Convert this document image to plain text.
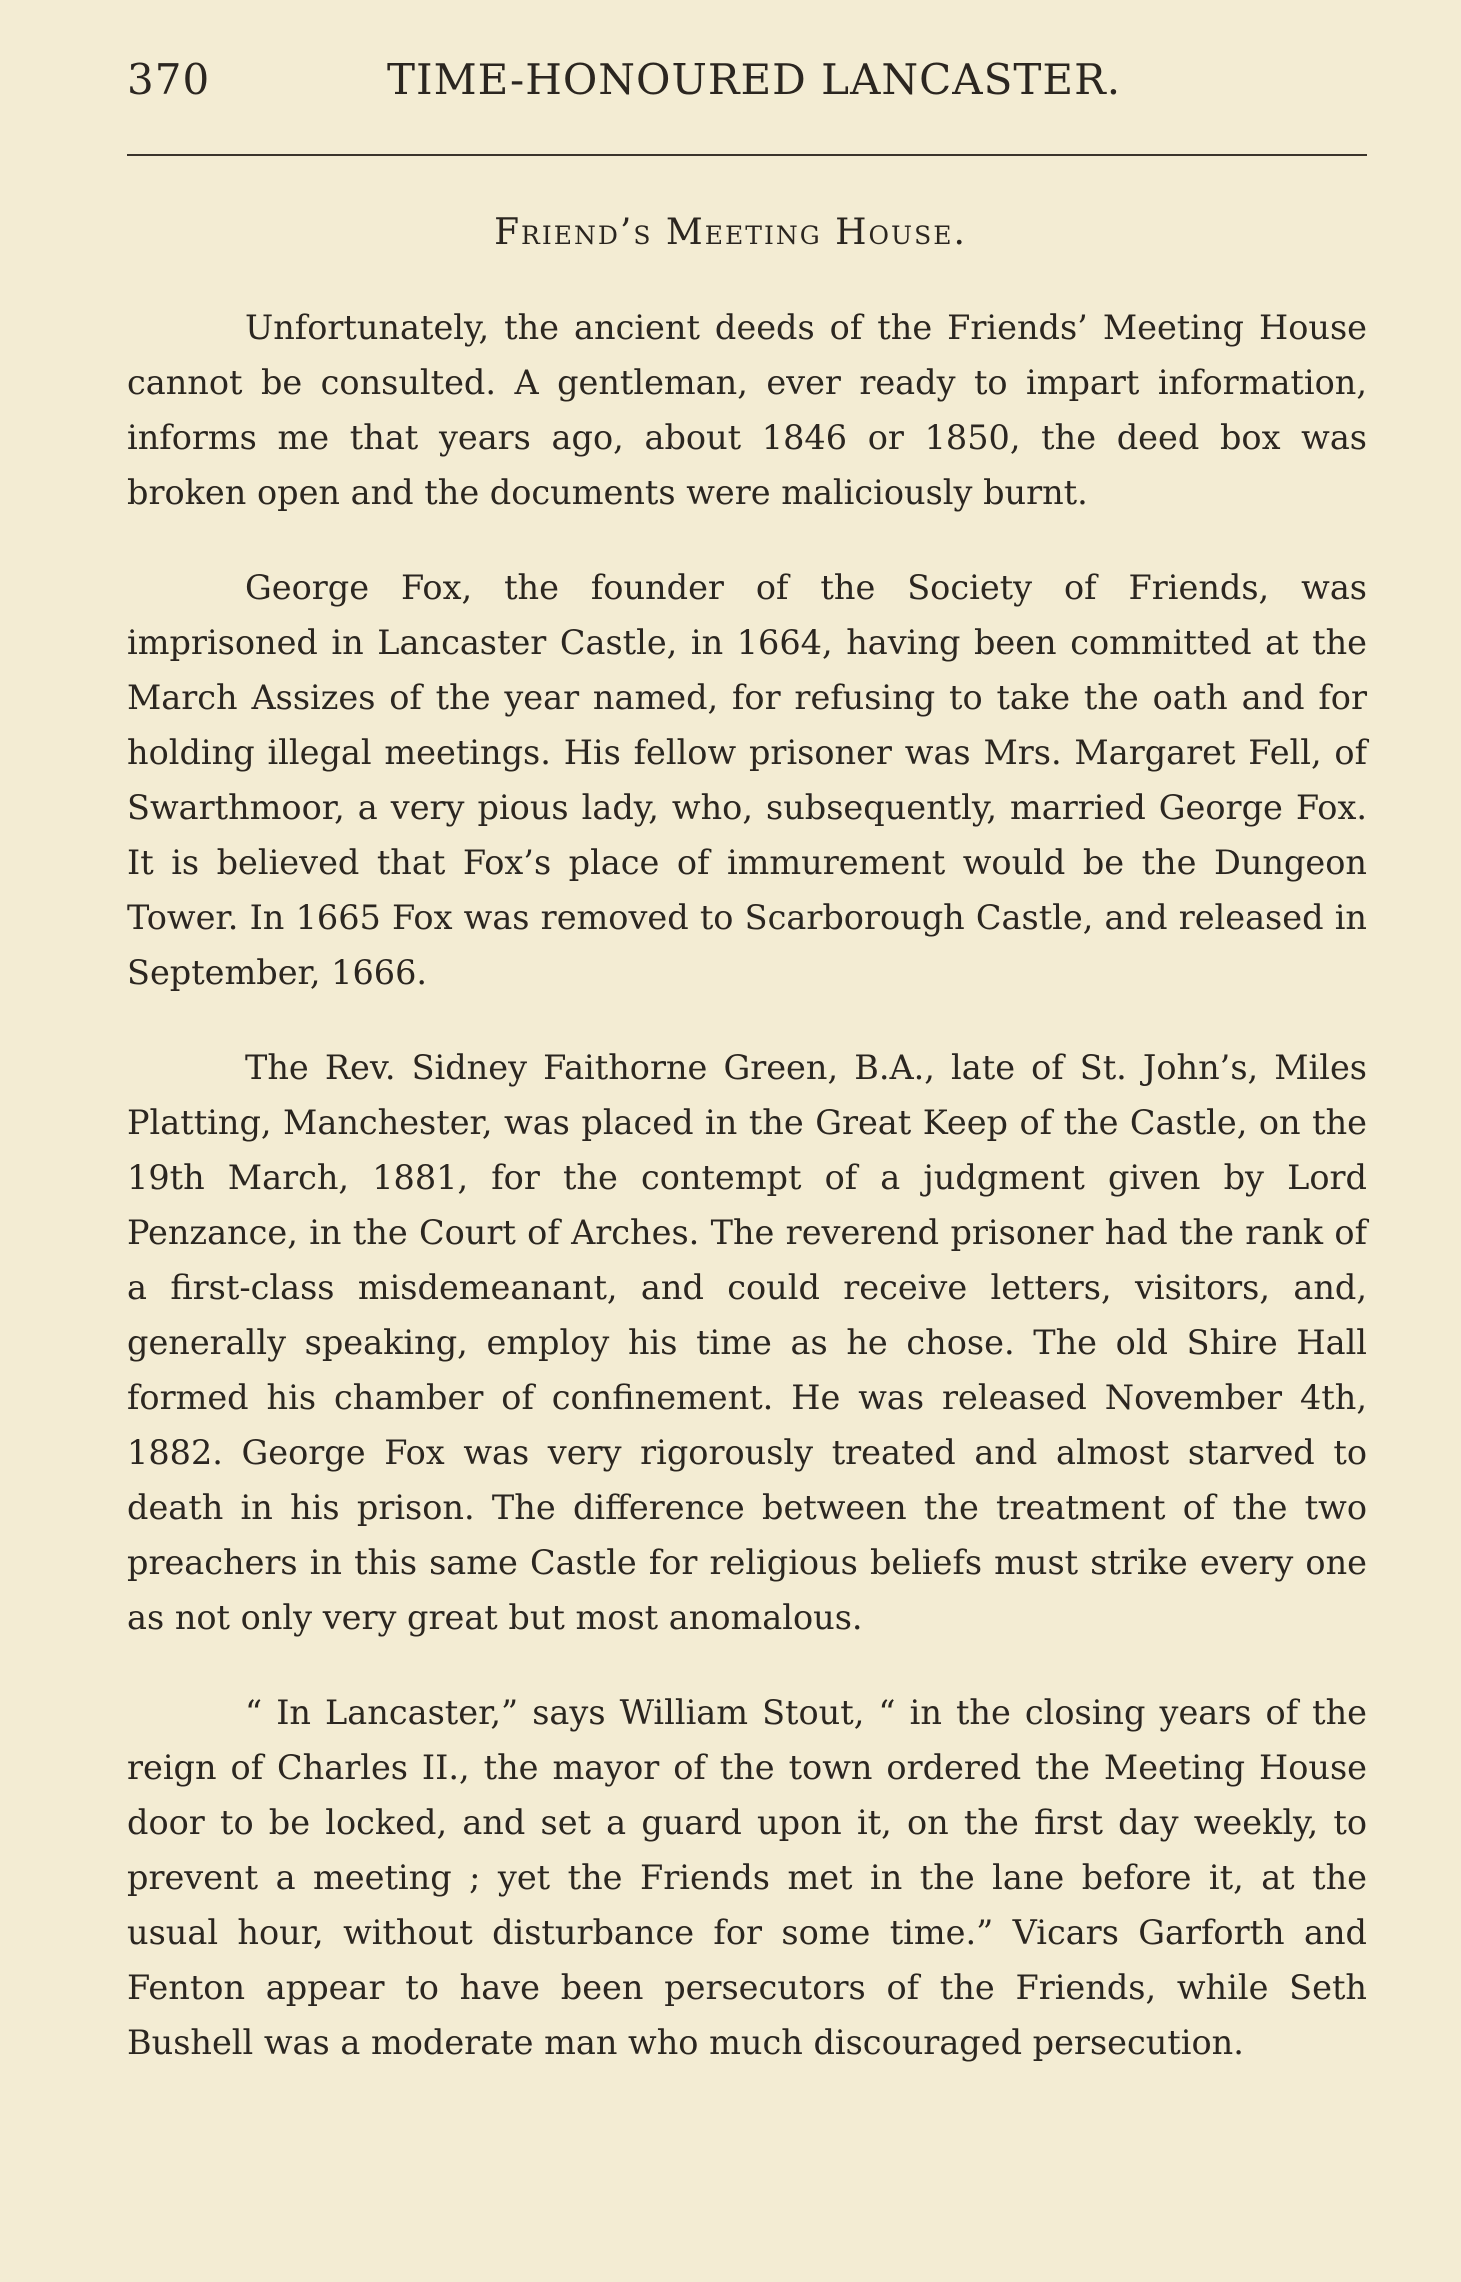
370	TIME-HONOURED LANCASTER.
Friend’s Meeting House.

Unfortunately, the ancient deeds of the Friends’ Meeting House cannot be consulted. A gentleman, ever ready to impart information, informs me that years ago, about 1846 or 1850, the deed box was broken open and the documents were maliciously burnt.

George Fox, the founder of the Society of Friends, was imprisoned in Lancaster Castle, in 1664, having been committed at the March Assizes of the year named, for refusing to take the oath and for holding illegal meetings. His fellow prisoner was Mrs. Margaret Fell, of Swarthmoor, a very pious lady, who, subsequently, married George Fox. It is believed that Fox’s place of immurement would be the Dungeon Tower. In 1665 Fox was removed to Scarborough Castle, and released in September, 1666.

The Rev. Sidney Faithorne Green, B.A., late of St. John’s, Miles Platting, Manchester, was placed in the Great Keep of the Castle, on the 19th March, 1881, for the contempt of a judgment given by Lord Penzance, in the Court of Arches. The reverend prisoner had the rank of a first-class misdemeanant, and could receive letters, visitors, and, generally speaking, employ his time as he chose. The old Shire Hall formed his chamber of confinement. He was released November 4th, 1882. George Fox was very rigorously treated and almost starved to death in his prison. The difference between the treatment of the two preachers in this same Castle for religious beliefs must strike every one as not only very great but most anomalous.

“ In Lancaster,” says William Stout, “ in the closing years of the reign of Charles II., the mayor of the town ordered the Meeting House door to be locked, and set a guard upon it, on the first day weekly, to prevent a meeting ; yet the Friends met in the lane before it, at the usual hour, without disturbance for some time.” Vicars Garforth and Fenton appear to have been persecutors of the Friends, while Seth Bushell was a moderate man who much discouraged persecution.
